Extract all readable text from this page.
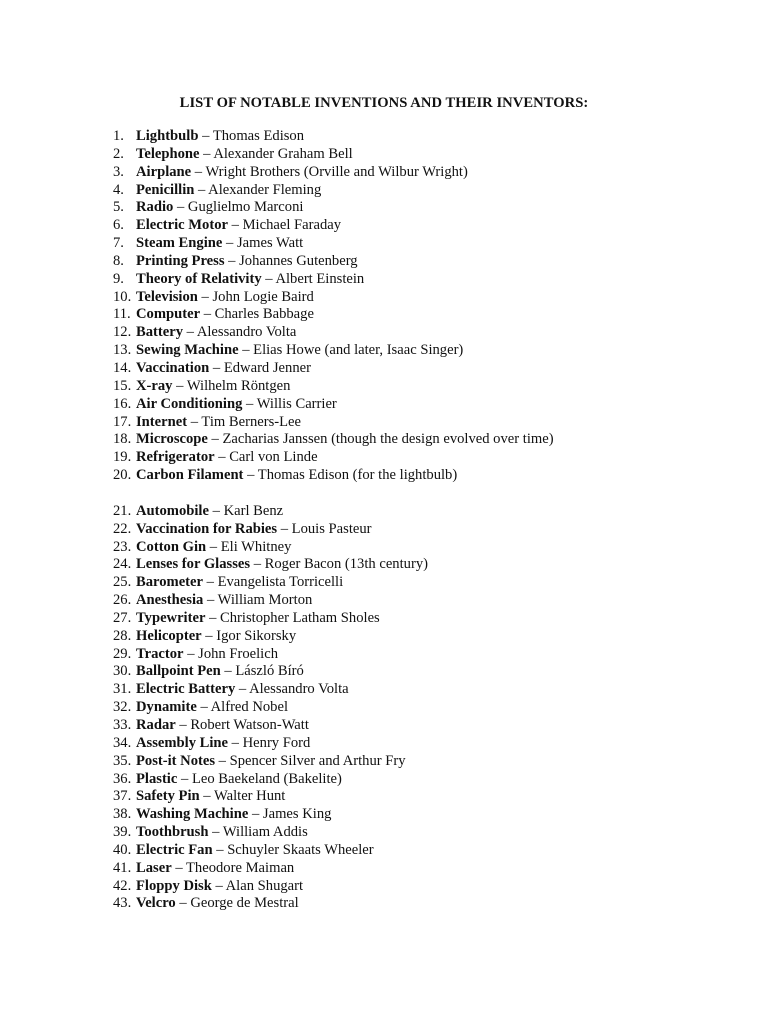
LIST OF NOTABLE INVENTIONS AND THEIR INVENTORS:
1. Lightbulb – Thomas Edison
2. Telephone – Alexander Graham Bell
3. Airplane – Wright Brothers (Orville and Wilbur Wright)
4. Penicillin – Alexander Fleming
5. Radio – Guglielmo Marconi
6. Electric Motor – Michael Faraday
7. Steam Engine – James Watt
8. Printing Press – Johannes Gutenberg
9. Theory of Relativity – Albert Einstein
10. Television – John Logie Baird
11. Computer – Charles Babbage
12. Battery – Alessandro Volta
13. Sewing Machine – Elias Howe (and later, Isaac Singer)
14. Vaccination – Edward Jenner
15. X-ray – Wilhelm Röntgen
16. Air Conditioning – Willis Carrier
17. Internet – Tim Berners-Lee
18. Microscope – Zacharias Janssen (though the design evolved over time)
19. Refrigerator – Carl von Linde
20. Carbon Filament – Thomas Edison (for the lightbulb)
21. Automobile – Karl Benz
22. Vaccination for Rabies – Louis Pasteur
23. Cotton Gin – Eli Whitney
24. Lenses for Glasses – Roger Bacon (13th century)
25. Barometer – Evangelista Torricelli
26. Anesthesia – William Morton
27. Typewriter – Christopher Latham Sholes
28. Helicopter – Igor Sikorsky
29. Tractor – John Froelich
30. Ballpoint Pen – László Bíró
31. Electric Battery – Alessandro Volta
32. Dynamite – Alfred Nobel
33. Radar – Robert Watson-Watt
34. Assembly Line – Henry Ford
35. Post-it Notes – Spencer Silver and Arthur Fry
36. Plastic – Leo Baekeland (Bakelite)
37. Safety Pin – Walter Hunt
38. Washing Machine – James King
39. Toothbrush – William Addis
40. Electric Fan – Schuyler Skaats Wheeler
41. Laser – Theodore Maiman
42. Floppy Disk – Alan Shugart
43. Velcro – George de Mestral
